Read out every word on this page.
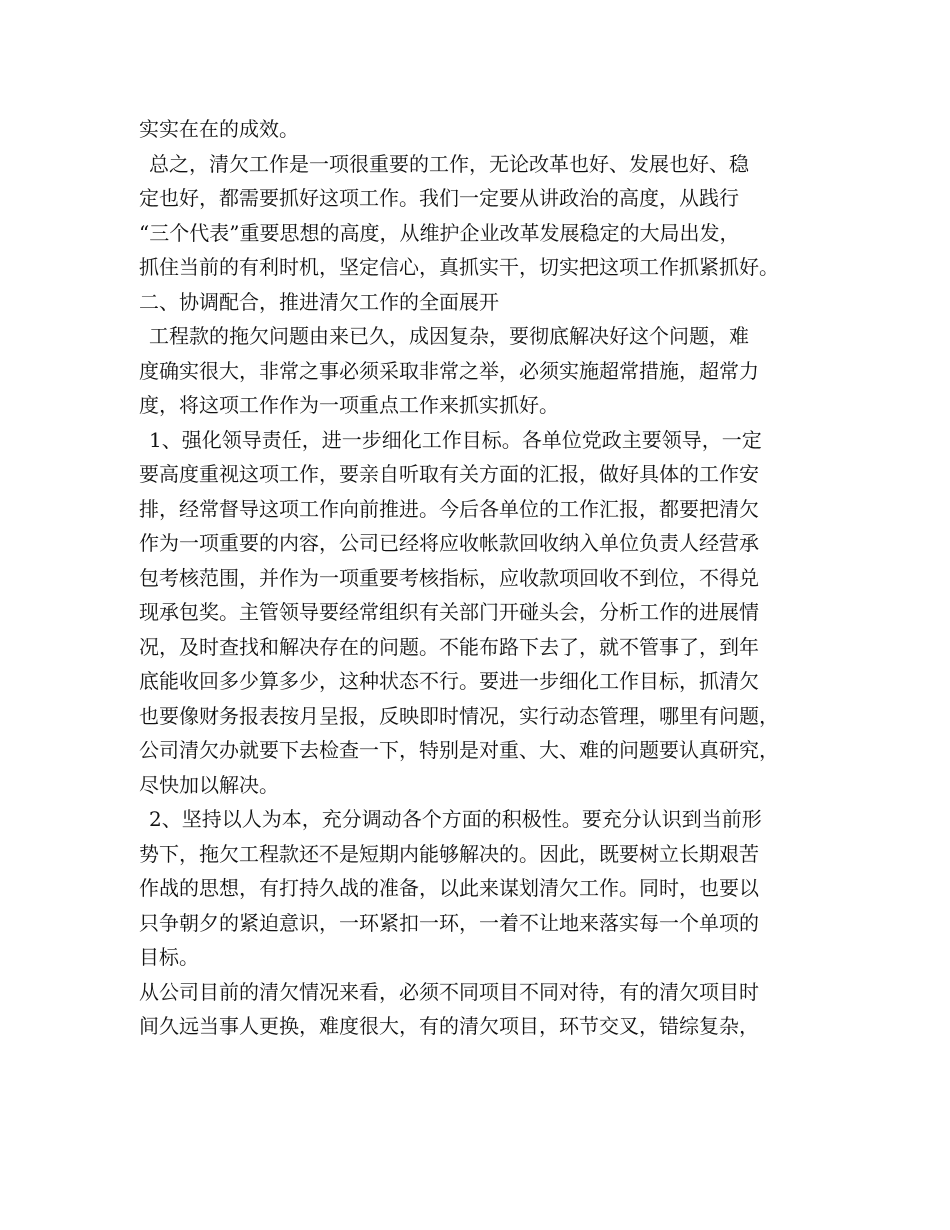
实实在在的成效。
总之，清欠工作是一项很重要的工作，无论改革也好、发展也好、稳
定也好，都需要抓好这项工作。我们一定要从讲政治的高度，从践行
“三个代表”重要思想的高度，从维护企业改革发展稳定的大局出发，
抓住当前的有利时机，坚定信心，真抓实干，切实把这项工作抓紧抓好。
二、协调配合，推进清欠工作的全面展开
工程款的拖欠问题由来已久，成因复杂，要彻底解决好这个问题，难
度确实很大，非常之事必须采取非常之举，必须实施超常措施，超常力
度，将这项工作作为一项重点工作来抓实抓好。
1、强化领导责任，进一步细化工作目标。各单位党政主要领导，一定
要高度重视这项工作，要亲自听取有关方面的汇报，做好具体的工作安
排，经常督导这项工作向前推进。今后各单位的工作汇报，都要把清欠
作为一项重要的内容，公司已经将应收帐款回收纳入单位负责人经营承
包考核范围，并作为一项重要考核指标，应收款项回收不到位，不得兑
现承包奖。主管领导要经常组织有关部门开碰头会，分析工作的进展情
况，及时查找和解决存在的问题。不能布路下去了，就不管事了，到年
底能收回多少算多少，这种状态不行。要进一步细化工作目标，抓清欠
也要像财务报表按月呈报，反映即时情况，实行动态管理，哪里有问题，
公司清欠办就要下去检查一下，特别是对重、大、难的问题要认真研究，
尽快加以解决。
2、坚持以人为本，充分调动各个方面的积极性。要充分认识到当前形
势下，拖欠工程款还不是短期内能够解决的。因此，既要树立长期艰苦
作战的思想，有打持久战的准备，以此来谋划清欠工作。同时，也要以
只争朝夕的紧迫意识，一环紧扣一环，一着不让地来落实每一个单项的
目标。
从公司目前的清欠情况来看，必须不同项目不同对待，有的清欠项目时
间久远当事人更换，难度很大，有的清欠项目，环节交叉，错综复杂，
